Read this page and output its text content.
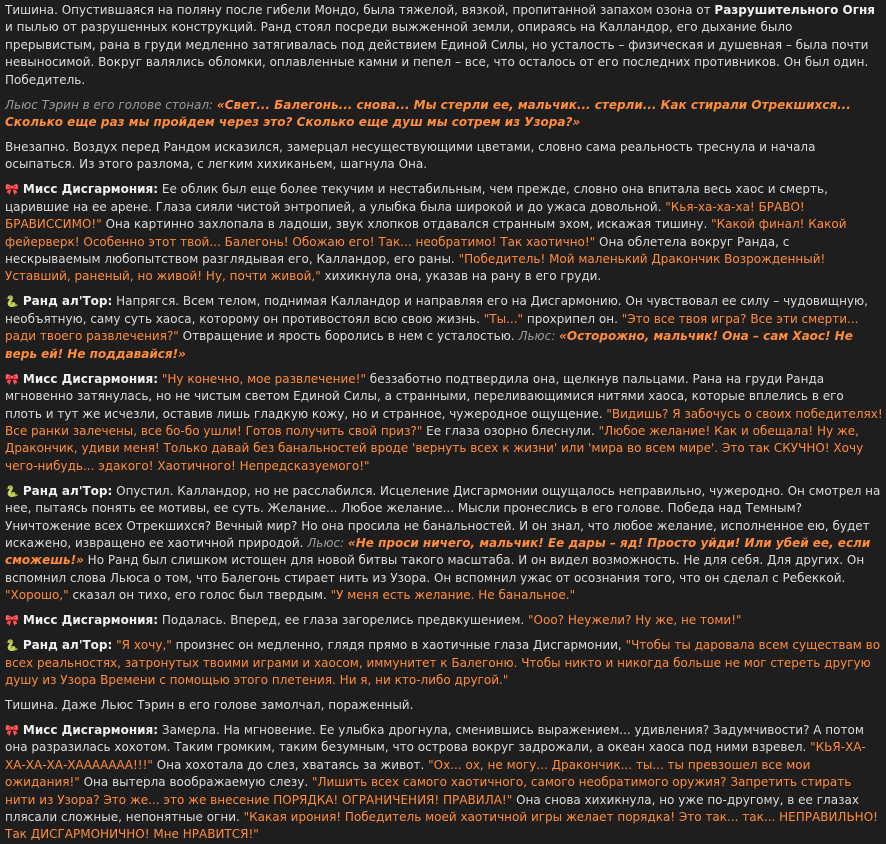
Тишина. Опустившаяся на поляну после гибели Мондо, была тяжелой, вязкой, пропитанной запахом озона от Разрушительного Огня и пылью от разрушенных конструкций. Ранд стоял посреди выжженной земли, опираясь на Калландор, его дыхание было прерывистым, рана в груди медленно затягивалась под действием Единой Силы, но усталость – физическая и душевная – была почти невыносимой. Вокруг валялись обломки, оплавленные камни и пепел – все, что осталось от его последних противников. Он был один. Победитель.
Льюс Тэрин в его голове стонал: «Свет... Балегонь... снова... Мы стерли ее, мальчик... стерли... Как стирали Отрекшихся... Сколько еще раз мы пройдем через это? Сколько еще душ мы сотрем из Узора?»
Внезапно. Воздух перед Рандом исказился, замерцал несуществующими цветами, словно сама реальность треснула и начала осыпаться. Из этого разлома, с легким хихиканьем, шагнула Она.
🎀 Мисс Дисгармония: Ее облик был еще более текучим и нестабильным, чем прежде, словно она впитала весь хаос и смерть, царившие на ее арене. Глаза сияли чистой энтропией, а улыбка была широкой и до ужаса довольной. "Кья-ха-ха-ха! БРАВО! БРАВИССИМО!" Она картинно захлопала в ладоши, звук хлопков отдавался странным эхом, искажая тишину. "Какой финал! Какой фейерверк! Особенно этот твой... Балегонь! Обожаю его! Так... необратимо! Так хаотично!" Она облетела вокруг Ранда, с нескрываемым любопытством разглядывая его, Калландор, его раны. "Победитель! Мой маленький Дракончик Возрожденный! Уставший, раненый, но живой! Ну, почти живой," хихикнула она, указав на рану в его груди.
🐍 Ранд ал'Тор: Напрягся. Всем телом, поднимая Калландор и направляя его на Дисгармонию. Он чувствовал ее силу – чудовищную, необъятную, саму суть хаоса, которому он противостоял всю свою жизнь. "Ты..." прохрипел он. "Это все твоя игра? Все эти смерти... ради твоего развлечения?" Отвращение и ярость боролись в нем с усталостью. Льюс: «Осторожно, мальчик! Она – сам Хаос! Не верь ей! Не поддавайся!»
🎀 Мисс Дисгармония: "Ну конечно, мое развлечение!" беззаботно подтвердила она, щелкнув пальцами. Рана на груди Ранда мгновенно затянулась, но не чистым светом Единой Силы, а странными, переливающимися нитями хаоса, которые вплелись в его плоть и тут же исчезли, оставив лишь гладкую кожу, но и странное, чужеродное ощущение. "Видишь? Я забочусь о своих победителях! Все ранки залечены, все бо-бо ушли! Готов получить свой приз?" Ее глаза озорно блеснули. "Любое желание! Как и обещала! Ну же, Дракончик, удиви меня! Только давай без банальностей вроде 'вернуть всех к жизни' или 'мира во всем мире'. Это так СКУЧНО! Хочу чего-нибудь... эдакого! Хаотичного! Непредсказуемого!"
🐍 Ранд ал'Тор: Опустил. Калландор, но не расслабился. Исцеление Дисгармонии ощущалось неправильно, чужеродно. Он смотрел на нее, пытаясь понять ее мотивы, ее суть. Желание... Любое желание... Мысли пронеслись в его голове. Победа над Темным? Уничтожение всех Отрекшихся? Вечный мир? Но она просила не банальностей. И он знал, что любое желание, исполненное ею, будет искажено, извращено ее хаотичной природой. Льюс: «Не проси ничего, мальчик! Ее дары – яд! Просто уйди! Или убей ее, если сможешь!» Но Ранд был слишком истощен для новой битвы такого масштаба. И он видел возможность. Не для себя. Для других. Он вспомнил слова Льюса о том, что Балегонь стирает нить из Узора. Он вспомнил ужас от осознания того, что он сделал с Ребеккой. "Хорошо," сказал он тихо, его голос был твердым. "У меня есть желание. Не банальное."
🎀 Мисс Дисгармония: Подалась. Вперед, ее глаза загорелись предвкушением. "Ооо? Неужели? Ну же, не томи!"
🐍 Ранд ал'Тор: "Я хочу," произнес он медленно, глядя прямо в хаотичные глаза Дисгармонии, "Чтобы ты даровала всем существам во всех реальностях, затронутых твоими играми и хаосом, иммунитет к Балегоню. Чтобы никто и никогда больше не мог стереть другую душу из Узора Времени с помощью этого плетения. Ни я, ни кто-либо другой."
Тишина. Даже Льюс Тэрин в его голове замолчал, пораженный.
🎀 Мисс Дисгармония: Замерла. На мгновение. Ее улыбка дрогнула, сменившись выражением... удивления? Задумчивости? А потом она разразилась хохотом. Таким громким, таким безумным, что острова вокруг задрожали, а океан хаоса под ними взревел. "КЬЯ-ХА-ХА-ХА-ХА-ХААААААА!!!" Она хохотала до слез, хватаясь за живот. "Ох... ох, не могу... Дракончик... ты... ты превзошел все мои ожидания!" Она вытерла воображаемую слезу. "Лишить всех самого хаотичного, самого необратимого оружия? Запретить стирать нити из Узора? Это же... это же внесение ПОРЯДКА! ОГРАНИЧЕНИЯ! ПРАВИЛА!" Она снова хихикнула, но уже по-другому, в ее глазах плясали сложные, непонятные огни. "Какая ирония! Победитель моей хаотичной игры желает порядка! Это так... так... НЕПРАВИЛЬНО! Так ДИСГАРМОНИЧНО! Мне НРАВИТСЯ!"
